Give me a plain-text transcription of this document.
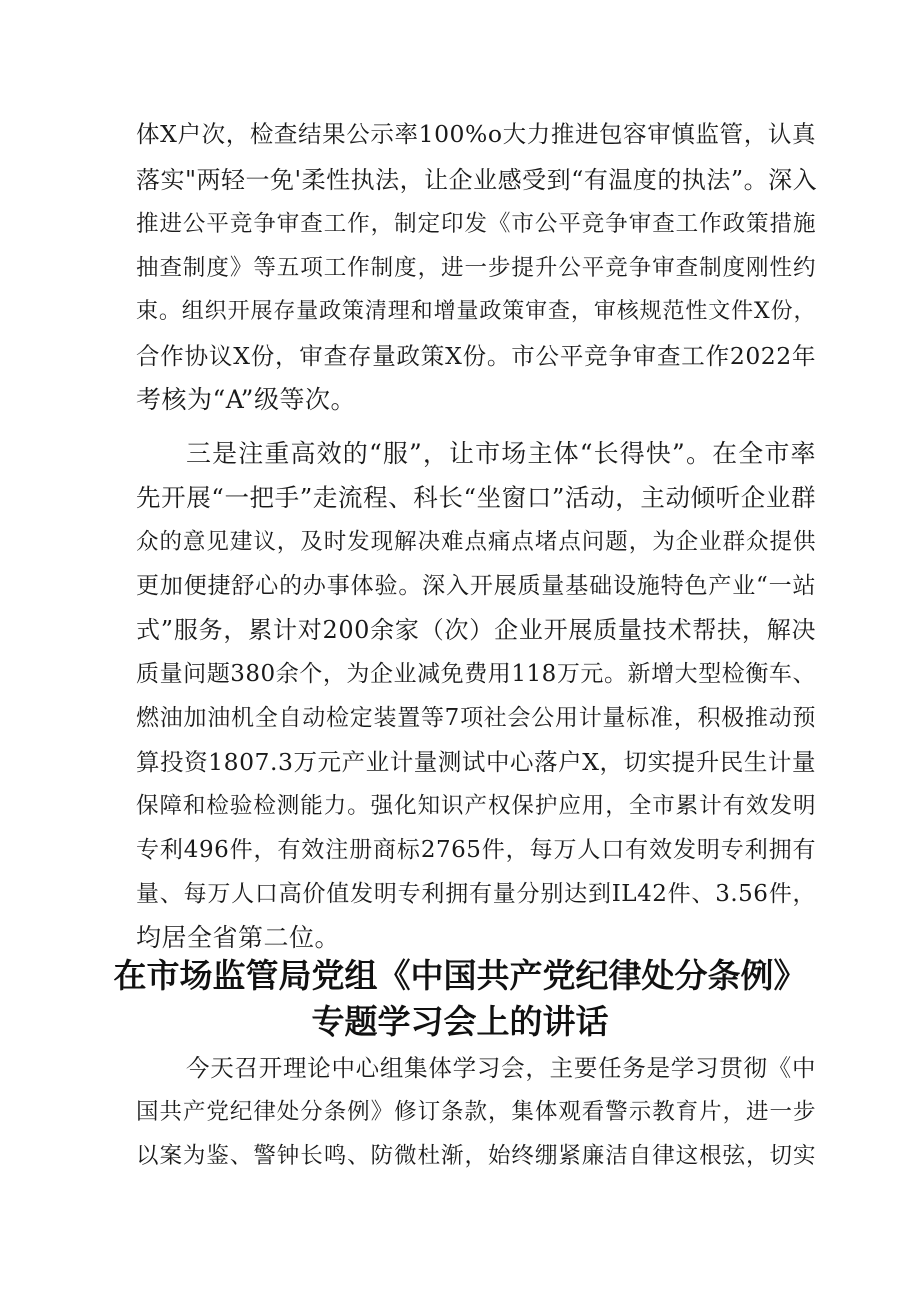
体X户次，检查结果公示率100%o大力推进包容审慎监管，认真
落实"两轻一免'柔性执法，让企业感受到“有温度的执法”。深入
推进公平竞争审查工作，制定印发《市公平竞争审查工作政策措施
抽查制度》等五项工作制度，进一步提升公平竞争审查制度刚性约
束。组织开展存量政策清理和增量政策审查，审核规范性文件X份，
合作协议X份，审查存量政策X份。市公平竞争审查工作2022年
考核为“A”级等次。
三是注重高效的“服”，让市场主体“长得快”。在全市率
先开展“一把手”走流程、科长“坐窗口”活动，主动倾听企业群
众的意见建议，及时发现解决难点痛点堵点问题，为企业群众提供
更加便捷舒心的办事体验。深入开展质量基础设施特色产业“一站
式”服务，累计对200余家（次）企业开展质量技术帮扶，解决
质量问题380余个，为企业减免费用118万元。新增大型检衡车、
燃油加油机全自动检定装置等7项社会公用计量标准，积极推动预
算投资1807.3万元产业计量测试中心落户X，切实提升民生计量
保障和检验检测能力。强化知识产权保护应用，全市累计有效发明
专利496件，有效注册商标2765件，每万人口有效发明专利拥有
量、每万人口高价值发明专利拥有量分别达到IL42件、3.56件，
均居全省第二位。
在市场监管局党组《中国共产党纪律处分条例》
专题学习会上的讲话
今天召开理论中心组集体学习会，主要任务是学习贯彻《中
国共产党纪律处分条例》修订条款，集体观看警示教育片，进一步
以案为鉴、警钟长鸣、防微杜渐，始终绷紧廉洁自律这根弦，切实
